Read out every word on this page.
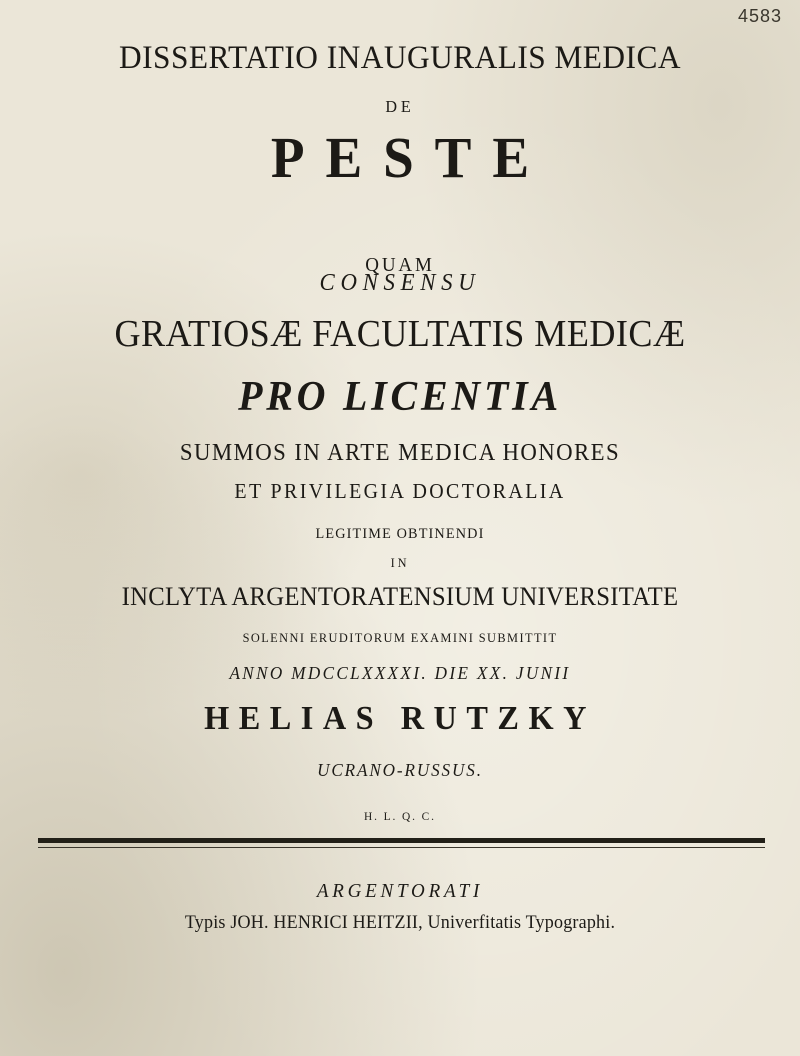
4583
DISSERTATIO INAUGURALIS MEDICA
DE
PESTE
QUAM
CONSENSU
GRATIOSÆ FACULTATIS MEDICÆ
PRO LICENTIA
SUMMOS IN ARTE MEDICA HONORES
ET PRIVILEGIA DOCTORALIA
LEGITIME OBTINENDI
IN
INCLYTA ARGENTORATENSIUM UNIVERSITATE
SOLENNI ERUDITORUM EXAMINI SUBMITTIT
ANNO MDCCLXXXXI. DIE XX. JUNII
HELIAS RUTZKY
UCRANO-RUSSUS.
H. L. Q. C.
ARGENTORATI
Typis JOH. HENRICI HEITZII, Univerfitatis Typographi.
